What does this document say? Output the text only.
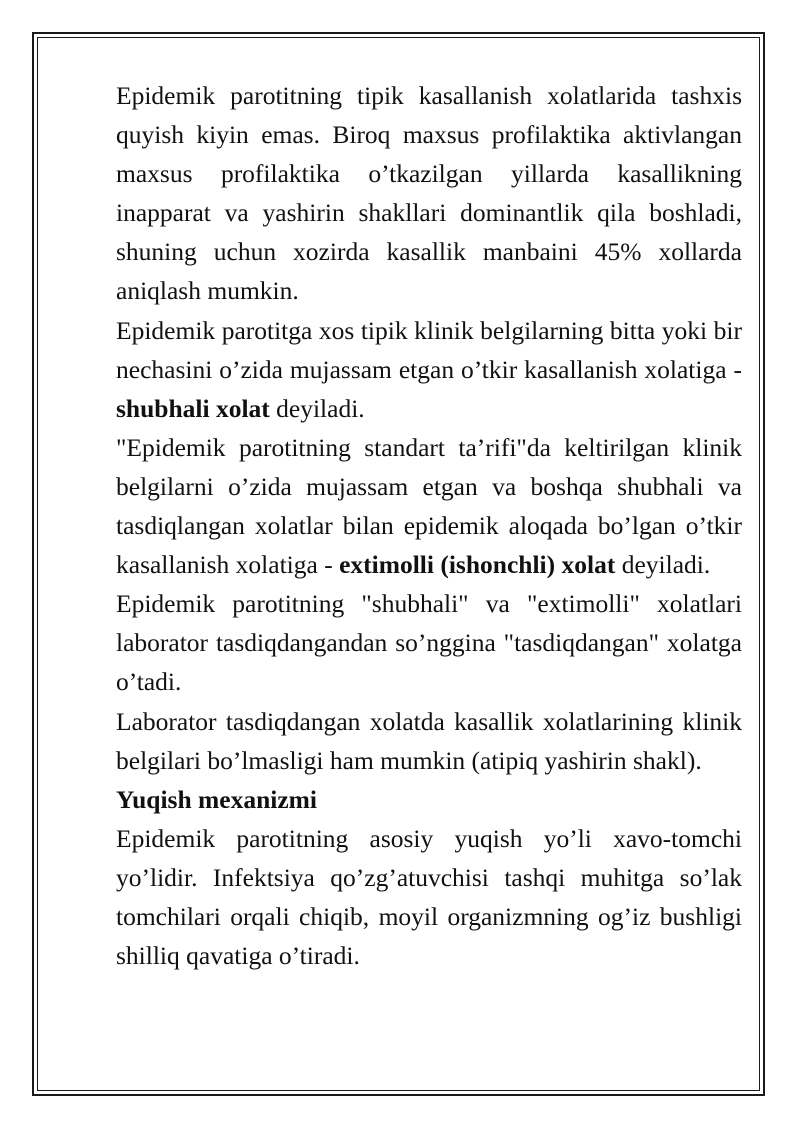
Epidemik parotitning tipik kasallanish xolatlarida tashxis quyish kiyin emas. Biroq maxsus profilaktika aktivlangan maxsus profilaktika o’tkazilgan yillarda kasallikning inapparat va yashirin shakllari dominantlik qila boshladi, shuning uchun xozirda kasallik manbaini 45% xollarda aniqlash mumkin.

Epidemik parotitga xos tipik klinik belgilarning bitta yoki bir nechasini o’zida mujassam etgan o’tkir kasallanish xolatiga - shubhali xolat deyiladi.

"Epidemik parotitning standart ta’rifi"da keltirilgan klinik belgilarni o’zida mujassam etgan va boshqa shubhali va tasdiqlangan xolatlar bilan epidemik aloqada bo’lgan o’tkir kasallanish xolatiga - extimolli (ishonchli) xolat deyiladi.

Epidemik parotitning "shubhali" va "extimolli" xolatlari laborator tasdiqdangandan so’nggina "tasdiqdangan" xolatga o’tadi.

Laborator tasdiqdangan xolatda kasallik xolatlarining klinik belgilari bo’lmasligi ham mumkin (atipiq yashirin shakl).

Yuqish mexanizmi

Epidemik parotitning asosiy yuqish yo’li xavo-tomchi yo’lidir. Infektsiya qo’zg’atuvchisi tashqi muhitga so’lak tomchilari orqali chiqib, moyil organizmning og’iz bushligi shilliq qavatiga o’tiradi.
